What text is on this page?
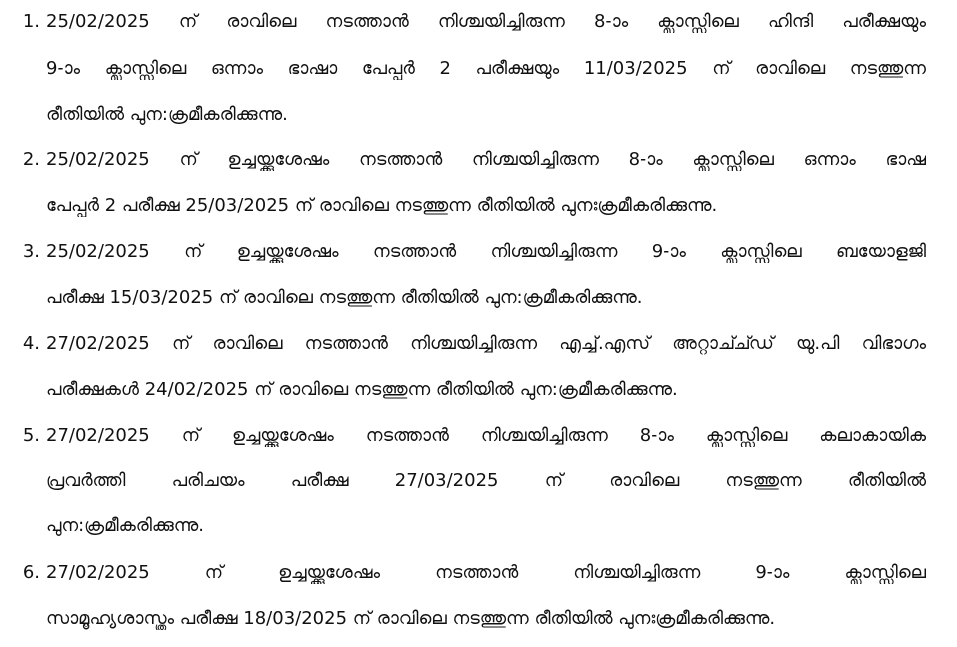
1. 25/02/2025 ന് രാവിലെ നടത്താൻ നിശ്ചയിച്ചിരുന്ന 8-ാം ക്ലാസ്സിലെ ഹിന്ദി പരീക്ഷയും
9-ാം ക്ലാസ്സിലെ ഒന്നാം ഭാഷാ പേപ്പർ 2 പരീക്ഷയും 11/03/2025 ന് രാവിലെ നടത്തുന്ന
രീതിയിൽ പുന:ക്രമീകരിക്കുന്നു.
2. 25/02/2025 ന് ഉച്ചയ്ക്കുശേഷം നടത്താൻ നിശ്ചയിച്ചിരുന്ന 8-ാം ക്ലാസ്സിലെ ഒന്നാം ഭാഷ
പേപ്പർ 2 പരീക്ഷ 25/03/2025 ന് രാവിലെ നടത്തുന്ന രീതിയിൽ പുനഃക്രമീകരിക്കുന്നു.
3. 25/02/2025 ന് ഉച്ചയ്ക്കുശേഷം നടത്താൻ നിശ്ചയിച്ചിരുന്ന 9-ാം ക്ലാസ്സിലെ ബയോളജി
പരീക്ഷ 15/03/2025 ന് രാവിലെ നടത്തുന്ന രീതിയിൽ പുന:ക്രമീകരിക്കുന്നു.
4. 27/02/2025 ന് രാവിലെ നടത്താൻ നിശ്ചയിച്ചിരുന്ന എച്ച്.എസ് അറ്റാച്ച്ഡ് യു.പി വിഭാഗം
പരീക്ഷകൾ 24/02/2025 ന് രാവിലെ നടത്തുന്ന രീതിയിൽ പുന:ക്രമീകരിക്കുന്നു.
5. 27/02/2025 ന് ഉച്ചയ്ക്കുശേഷം നടത്താൻ നിശ്ചയിച്ചിരുന്ന 8-ാം ക്ലാസ്സിലെ കലാകായിക
പ്രവർത്തി പരിചയം പരീക്ഷ 27/03/2025 ന് രാവിലെ നടത്തുന്ന രീതിയിൽ
പുന:ക്രമീകരിക്കുന്നു.
6. 27/02/2025 ന് ഉച്ചയ്ക്കുശേഷം നടത്താൻ നിശ്ചയിച്ചിരുന്ന 9-ാം ക്ലാസ്സിലെ
സാമൂഹ്യശാസ്ത്രം പരീക്ഷ 18/03/2025 ന് രാവിലെ നടത്തുന്ന രീതിയിൽ പുനഃക്രമീകരിക്കുന്നു.
